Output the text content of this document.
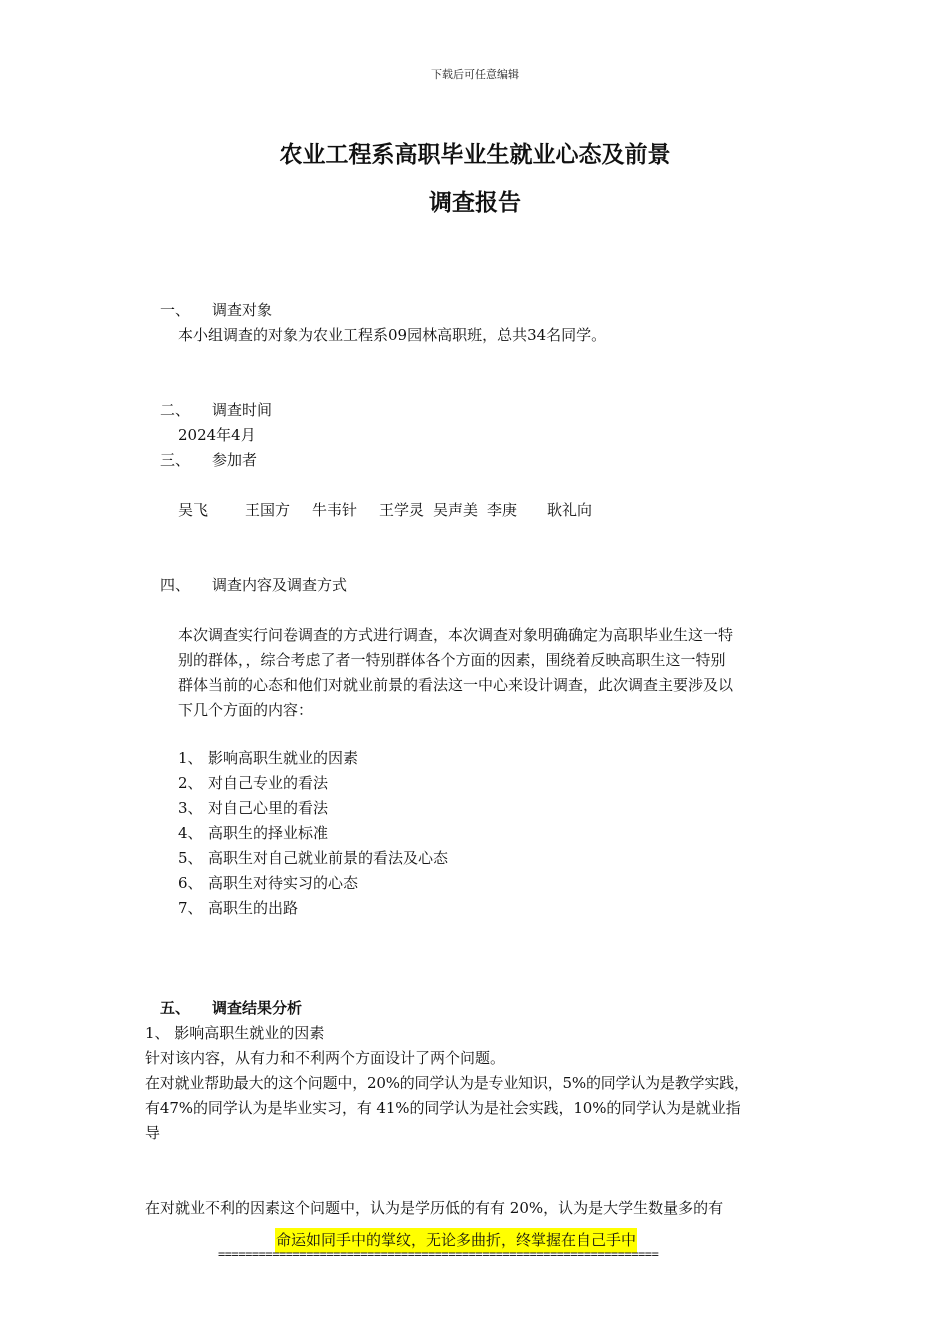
下载后可任意编辑
农业工程系高职毕业生就业心态及前景
调查报告
一、 调查对象
本小组调查的对象为农业工程系09园林高职班，总共34名同学。
二、 调查时间
2024年4月
三、 参加者
吴飞 王国方 牛韦针 王学灵 吴声美 李庚 耿礼向
四、 调查内容及调查方式
本次调查实行问卷调查的方式进行调查，本次调查对象明确确定为高职毕业生这一特
别的群体，，综合考虑了者一特别群体各个方面的因素，围绕着反映高职生这一特别
群体当前的心态和他们对就业前景的看法这一中心来设计调查，此次调查主要涉及以
下几个方面的内容：
1、 影响高职生就业的因素
2、 对自己专业的看法
3、 对自己心里的看法
4、 高职生的择业标准
5、 高职生对自己就业前景的看法及心态
6、 高职生对待实习的心态
7、 高职生的出路
五、 调查结果分析
1、 影响高职生就业的因素
针对该内容，从有力和不利两个方面设计了两个问题。
在对就业帮助最大的这个问题中，20%的同学认为是专业知识，5%的同学认为是教学实践，
有47%的同学认为是毕业实习，有 41%的同学认为是社会实践，10%的同学认为是就业指
导
在对就业不利的因素这个问题中，认为是学历低的有有 20%，认为是大学生数量多的有
命运如同手中的掌纹，无论多曲折，终掌握在自己手中
=================================================================
